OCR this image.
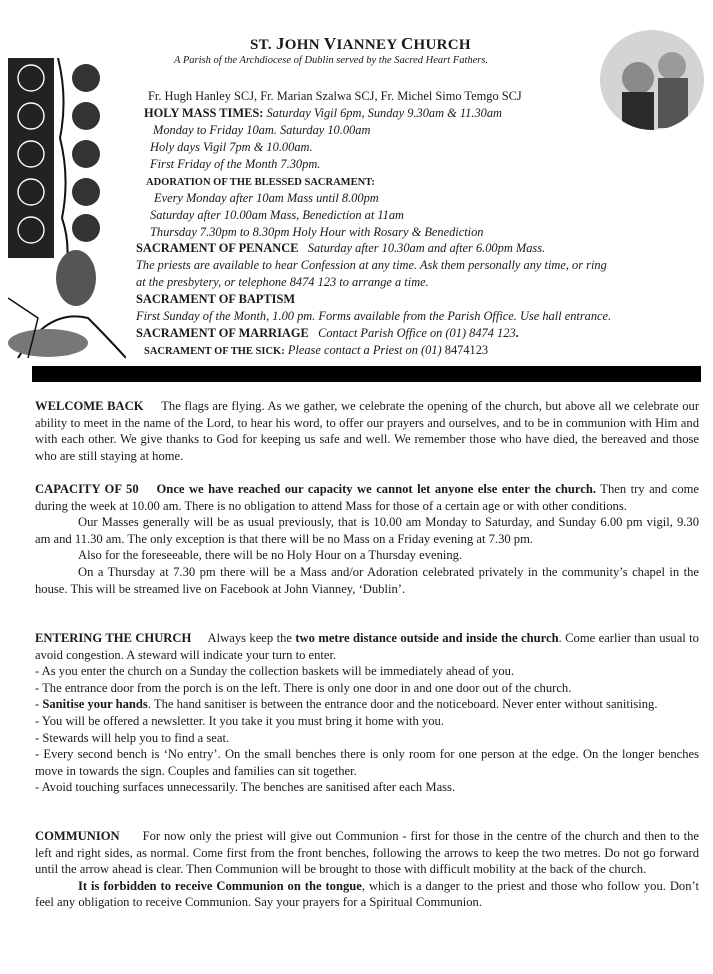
ST. JOHN VIANNEY CHURCH
A Parish of the Archdiocese of Dublin served by the Sacred Heart Fathers.
Fr. Hugh Hanley SCJ, Fr. Marian Szalwa SCJ, Fr. Michel Simo Temgo SCJ
HOLY MASS TIMES: Saturday Vigil 6pm, Sunday 9.30am & 11.30am
Monday to Friday 10am. Saturday 10.00am
Holy days Vigil 7pm & 10.00am.
First Friday of the Month 7.30pm.
ADORATION OF THE BLESSED SACRAMENT:
Every Monday after 10am Mass until 8.00pm
Saturday after 10.00am Mass, Benediction at 11am
Thursday 7.30pm to 8.30pm Holy Hour with Rosary & Benediction
SACRAMENT OF PENANCE Saturday after 10.30am and after 6.00pm Mass.
The priests are available to hear Confession at any time. Ask them personally any time, or ring
at the presbytery, or telephone 8474 123 to arrange a time.
SACRAMENT OF BAPTISM
First Sunday of the Month, 1.00 pm. Forms available from the Parish Office. Use hall entrance.
SACRAMENT OF MARRIAGE Contact Parish Office on (01) 8474 123.
SACRAMENT OF THE SICK: Please contact a Priest on (01) 8474123

WELCOME BACK The flags are flying. As we gather, we celebrate the opening of the church, but above all we celebrate our ability to meet in the name of the Lord, to hear his word, to offer our prayers and ourselves, and to be in communion with Him and with each other. We give thanks to God for keeping us safe and well. We remember those who have died, the bereaved and those who are still staying at home.

CAPACITY OF 50 Once we have reached our capacity we cannot let anyone else enter the church. Then try and come during the week at 10.00 am. There is no obligation to attend Mass for those of a certain age or with other conditions.

Our Masses generally will be as usual previously, that is 10.00 am Monday to Saturday, and Sunday 6.00 pm vigil, 9.30 am and 11.30 am. The only exception is that there will be no Mass on a Friday evening at 7.30 pm.

Also for the foreseeable, there will be no Holy Hour on a Thursday evening.

On a Thursday at 7.30 pm there will be a Mass and/or Adoration celebrated privately in the community’s chapel in the house. This will be streamed live on Facebook at John Vianney, ‘Dublin’.

ENTERING THE CHURCH Always keep the two metre distance outside and inside the church. Come earlier than usual to avoid congestion. A steward will indicate your turn to enter.

- As you enter the church on a Sunday the collection baskets will be immediately ahead of you.

- The entrance door from the porch is on the left. There is only one door in and one door out of the church.

- Sanitise your hands. The hand sanitiser is between the entrance door and the noticeboard. Never enter without sanitising.

- You will be offered a newsletter. It you take it you must bring it home with you.

- Stewards will help you to find a seat.

- Every second bench is ‘No entry’. On the small benches there is only room for one person at the edge. On the longer benches move in towards the sign. Couples and families can sit together.

- Avoid touching surfaces unnecessarily. The benches are sanitised after each Mass.

COMMUNION For now only the priest will give out Communion - first for those in the centre of the church and then to the left and right sides, as normal. Come first from the front benches, following the arrows to keep the two metres. Do not go forward until the arrow ahead is clear. Then Communion will be brought to those with difficult mobility at the back of the church.

It is forbidden to receive Communion on the tongue, which is a danger to the priest and those who follow you. Don’t feel any obligation to receive Communion. Say your prayers for a Spiritual Communion.
